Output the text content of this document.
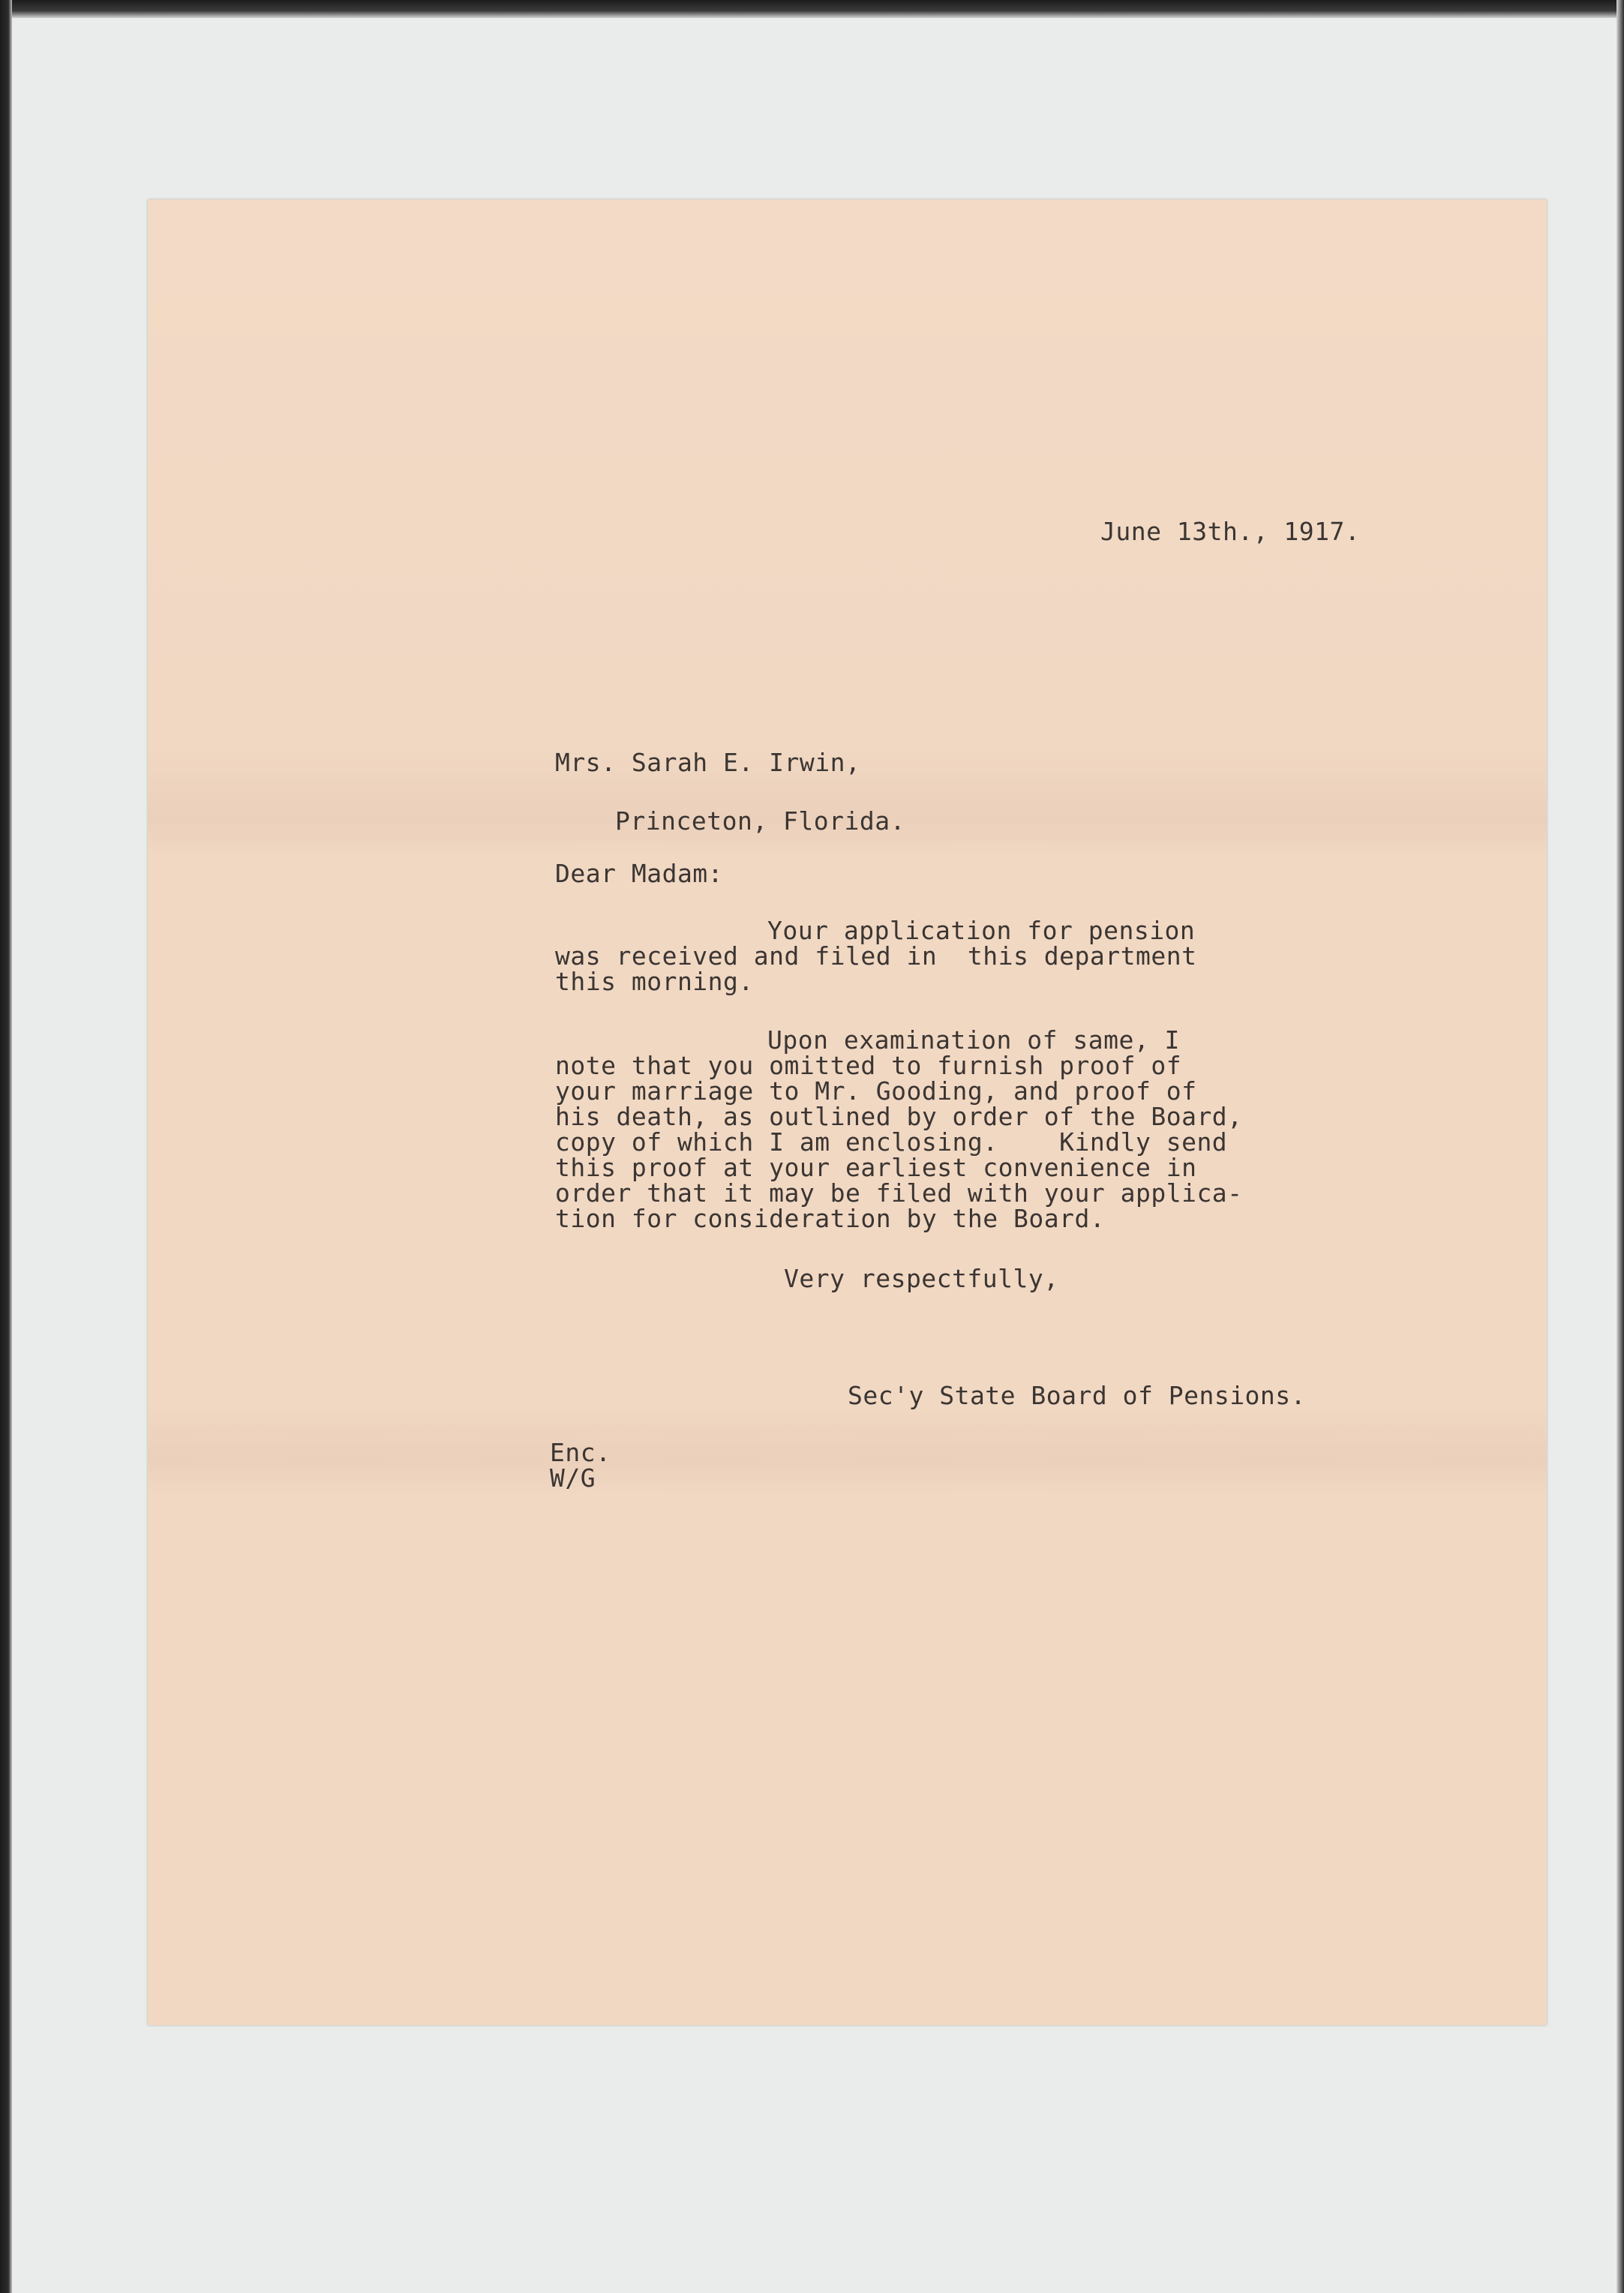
June 13th., 1917.
Mrs. Sarah E. Irwin,
Princeton, Florida.
Dear Madam:
Your application for pension
was received and filed in  this department
this morning.
Upon examination of same, I
note that you omitted to furnish proof of
your marriage to Mr. Gooding, and proof of
his death, as outlined by order of the Board,
copy of which I am enclosing.    Kindly send
this proof at your earliest convenience in
order that it may be filed with your applica-
tion for consideration by the Board.
Very respectfully,
Sec'y State Board of Pensions.
Enc.
W/G
